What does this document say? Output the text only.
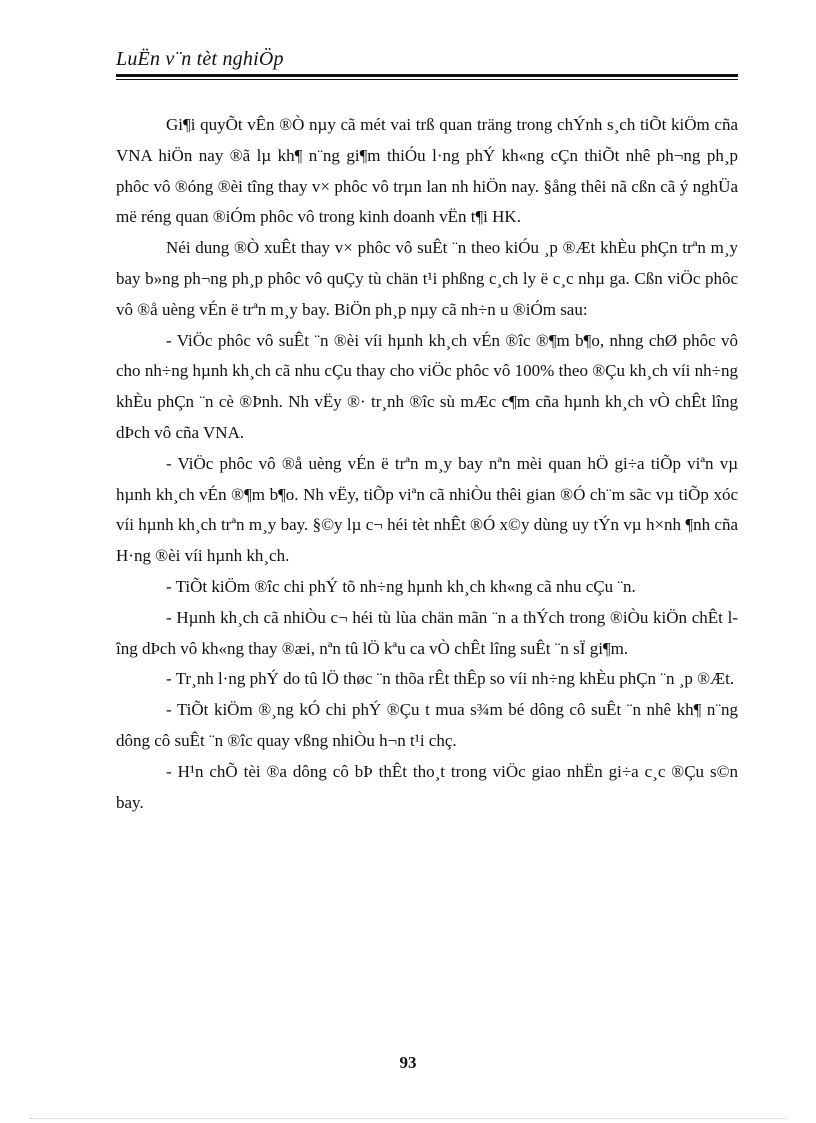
LuËn v¨n tèt nghiÖp

Gi¶i quyÕt vÊn ®Ò nµy cã mét vai trß quan träng trong chÝnh s¸ch tiÕt kiÖm cña VNA hiÖn nay ®ã lµ kh¶ n¨ng gi¶m thiÓu l·ng phÝ kh«ng cÇn thiÕt nhê ph¬ng ph¸p phôc vô ®óng ®èi tîng thay v× phôc vô trµn lan nh hiÖn nay. §ång thêi nã cßn cã ý nghÜa më réng quan ®iÓm phôc vô trong kinh doanh vËn t¶i HK.

Néi dung ®Ò xuÊt thay v× phôc vô suÊt ¨n theo kiÓu ¸p ®Æt khÈu phÇn trªn m¸y bay b»ng ph¬ng ph¸p phôc vô quÇy tù chän t¹i phßng c¸ch ly ë c¸c nhµ ga. Cßn viÖc phôc vô ®å uèng vÉn ë trªn m¸y bay. BiÖn ph¸p nµy cã nh÷n u ®iÓm sau:

- ViÖc phôc vô suÊt ¨n ®èi víi hµnh kh¸ch vÉn ®îc ®¶m b¶o, nhng chØ phôc vô cho nh÷ng hµnh kh¸ch cã nhu cÇu thay cho viÖc phôc vô 100% theo ®Çu kh¸ch víi nh÷ng khÈu phÇn ¨n cè ®Þnh. Nh vËy ®· tr¸nh ®îc sù mÆc c¶m cña hµnh kh¸ch vÒ chÊt lîng dÞch vô cña VNA.

- ViÖc phôc vô ®å uèng vÉn ë trªn m¸y bay nªn mèi quan hÖ gi÷a tiÕp viªn vµ hµnh kh¸ch vÉn ®¶m b¶o. Nh vËy, tiÕp viªn cã nhiÒu thêi gian ®Ó ch¨m sãc vµ tiÕp xóc víi hµnh kh¸ch trªn m¸y bay. §©y lµ c¬ héi tèt nhÊt ®Ó x©y dùng uy tÝn vµ h×nh ¶nh cña H·ng ®èi víi hµnh kh¸ch.

- TiÕt kiÖm ®îc chi phÝ tõ nh÷ng hµnh kh¸ch kh«ng cã nhu cÇu ¨n.

- Hµnh kh¸ch cã nhiÒu c¬ héi tù lùa chän mãn ¨n a thÝch trong ®iÒu kiÖn chÊt lîng dÞch vô kh«ng thay ®æi, nªn tû lÖ kªu ca vÒ chÊt lîng suÊt ¨n sÏ gi¶m.

- Tr¸nh l·ng phÝ do tû lÖ thøc ¨n thõa rÊt thÊp so víi nh÷ng khÈu phÇn ¨n ¸p ®Æt.

- TiÕt kiÖm ®¸ng kÓ chi phÝ ®Çu t mua s¾m bé dông cô suÊt ¨n nhê kh¶ n¨ng dông cô suÊt ¨n ®îc quay vßng nhiÒu h¬n t¹i chç.

- H¹n chÕ tèi ®a dông cô bÞ thÊt tho¸t trong viÖc giao nhËn gi÷a c¸c ®Çu s©n bay.

93
